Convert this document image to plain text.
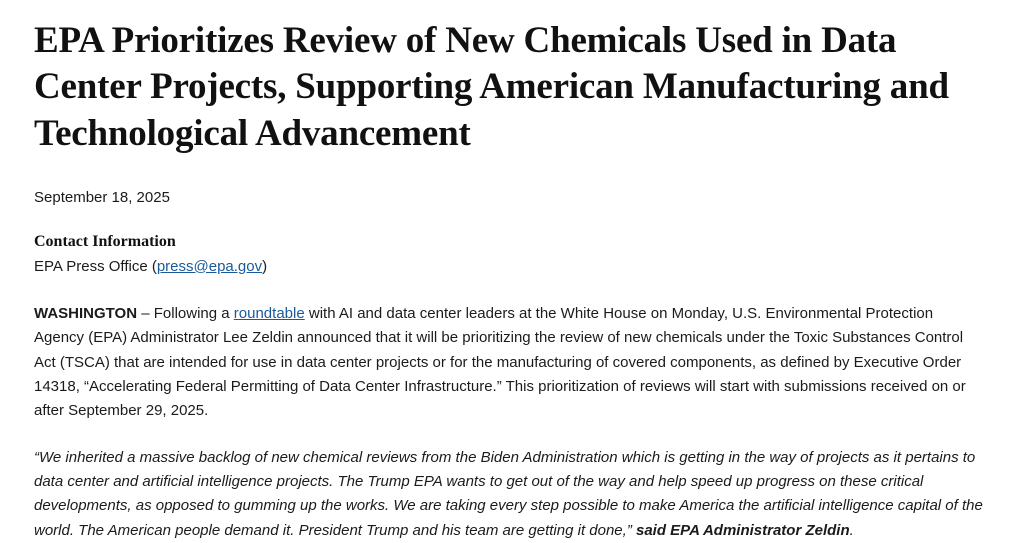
EPA Prioritizes Review of New Chemicals Used in Data Center Projects, Supporting American Manufacturing and Technological Advancement
September 18, 2025
Contact Information
EPA Press Office (press@epa.gov)

WASHINGTON – Following a roundtable with AI and data center leaders at the White House on Monday, U.S. Environmental Protection Agency (EPA) Administrator Lee Zeldin announced that it will be prioritizing the review of new chemicals under the Toxic Substances Control Act (TSCA) that are intended for use in data center projects or for the manufacturing of covered components, as defined by Executive Order 14318, “Accelerating Federal Permitting of Data Center Infrastructure.” This prioritization of reviews will start with submissions received on or after September 29, 2025.

“We inherited a massive backlog of new chemical reviews from the Biden Administration which is getting in the way of projects as it pertains to data center and artificial intelligence projects. The Trump EPA wants to get out of the way and help speed up progress on these critical developments, as opposed to gumming up the works. We are taking every step possible to make America the artificial intelligence capital of the world. The American people demand it. President Trump and his team are getting it done,” said EPA Administrator Zeldin.
